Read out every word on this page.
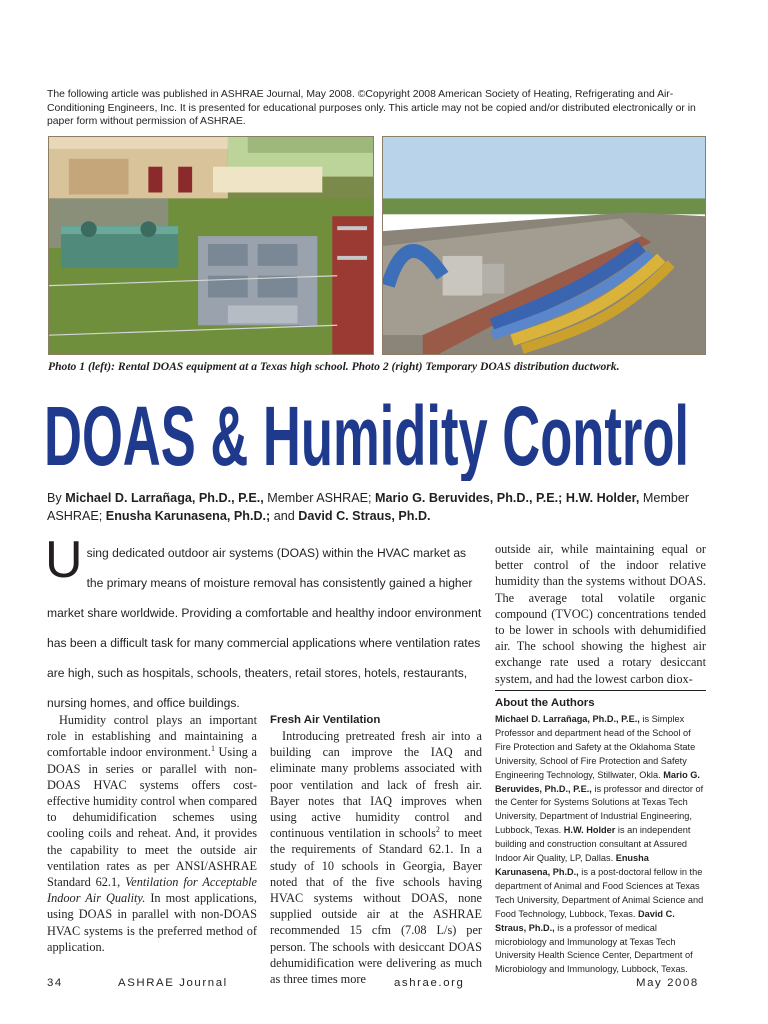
The following article was published in ASHRAE Journal, May 2008. ©Copyright 2008 American Society of Heating, Refrigerating and Air-Conditioning Engineers, Inc. It is presented for educational purposes only. This article may not be copied and/or distributed electronically or in paper form without permission of ASHRAE.
Photo 1 (left): Rental DOAS equipment at a Texas high school. Photo 2 (right) Temporary DOAS distribution ductwork.
DOAS & Humidity Control
By Michael D. Larrañaga, Ph.D., P.E., Member ASHRAE; Mario G. Beruvides, Ph.D., P.E.; H.W. Holder, Member ASHRAE; Enusha Karunasena, Ph.D.; and David C. Straus, Ph.D.
Using dedicated outdoor air systems (DOAS) within the HVAC market as the primary means of moisture removal has consistently gained a higher market share worldwide. Providing a comfortable and healthy indoor environment has been a difficult task for many commercial applications where ventilation rates are high, such as hospitals, schools, theaters, retail stores, hotels, restaurants, nursing homes, and office buildings.
Humidity control plays an important role in establishing and maintaining a comfortable indoor environment.$^1$ Using a DOAS in series or parallel with non-DOAS HVAC systems offers cost-effective humidity control when compared to dehumidification schemes using cooling coils and reheat. And, it provides the capability to meet the outside air ventilation rates as per ANSI/ASHRAE Standard 62.1, Ventilation for Acceptable Indoor Air Quality. In most applications, using DOAS in parallel with non-DOAS HVAC systems is the preferred method of application.
Fresh Air Ventilation
Introducing pretreated fresh air into a building can improve the IAQ and eliminate many problems associated with poor ventilation and lack of fresh air. Bayer notes that IAQ improves when using active humidity control and continuous ventilation in schools$^2$ to meet the requirements of Standard 62.1. In a study of 10 schools in Georgia, Bayer noted that of the five schools having HVAC systems without DOAS, none supplied outside air at the ASHRAE recommended 15 cfm (7.08 L/s) per person. The schools with desiccant DOAS dehumidification were delivering as much as three times more
outside air, while maintaining equal or better control of the indoor relative humidity than the systems without DOAS. The average total volatile organic compound (TVOC) concentrations tended to be lower in schools with dehumidified air. The school showing the highest air exchange rate used a rotary desiccant system, and had the lowest carbon diox-
About the Authors
Michael D. Larrañaga, Ph.D., P.E., is Simplex Professor and department head of the School of Fire Protection and Safety at the Oklahoma State University, School of Fire Protection and Safety Engineering Technology, Stillwater, Okla. Mario G. Beruvides, Ph.D., P.E., is professor and director of the Center for Systems Solutions at Texas Tech University, Department of Industrial Engineering, Lubbock, Texas. H.W. Holder is an independent building and construction consultant at Assured Indoor Air Quality, LP, Dallas. Enusha Karunasena, Ph.D., is a post-doctoral fellow in the department of Animal and Food Sciences at Texas Tech University, Department of Animal Science and Food Technology, Lubbock, Texas. David C. Straus, Ph.D., is a professor of medical microbiology and Immunology at Texas Tech University Health Science Center, Department of Microbiology and Immunology, Lubbock, Texas.
34	ASHRAE Journal	ashrae.org	May 2008
